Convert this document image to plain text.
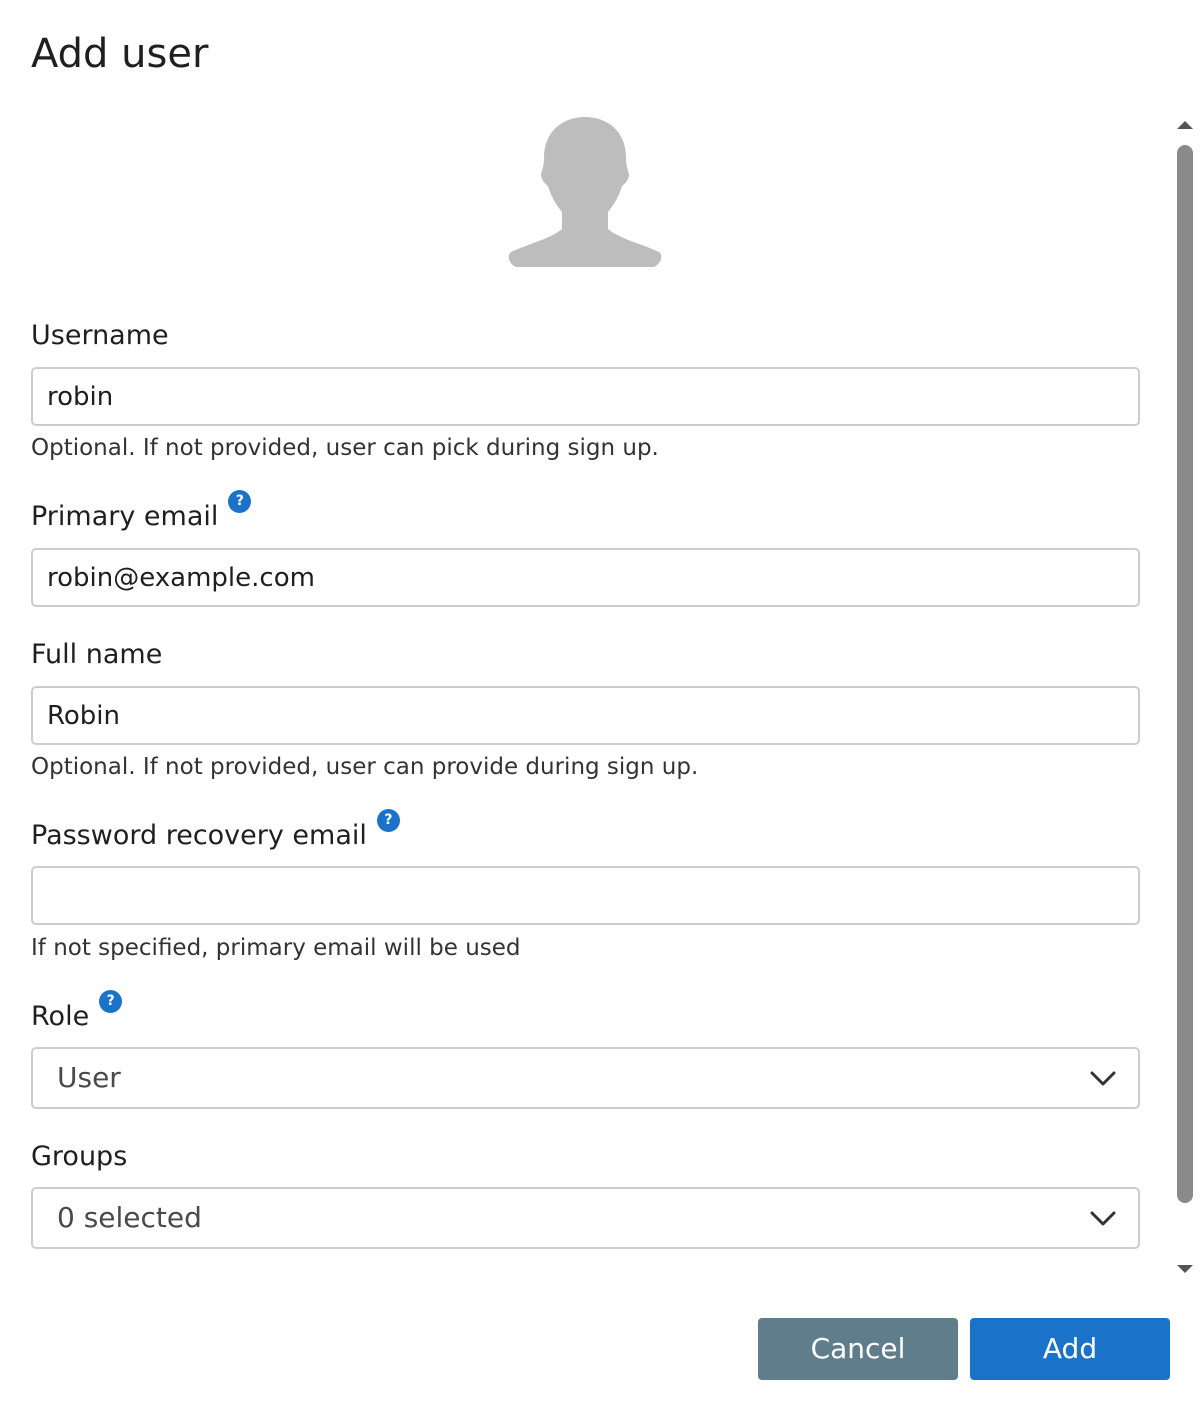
Add user
Username
robin
Optional. If not provided, user can pick during sign up.
Primary email ?
robin@example.com
Full name
Robin
Optional. If not provided, user can provide during sign up.
Password recovery email ?
If not specified, primary email will be used
Role ?
User
Groups
0 selected
Cancel	Add
